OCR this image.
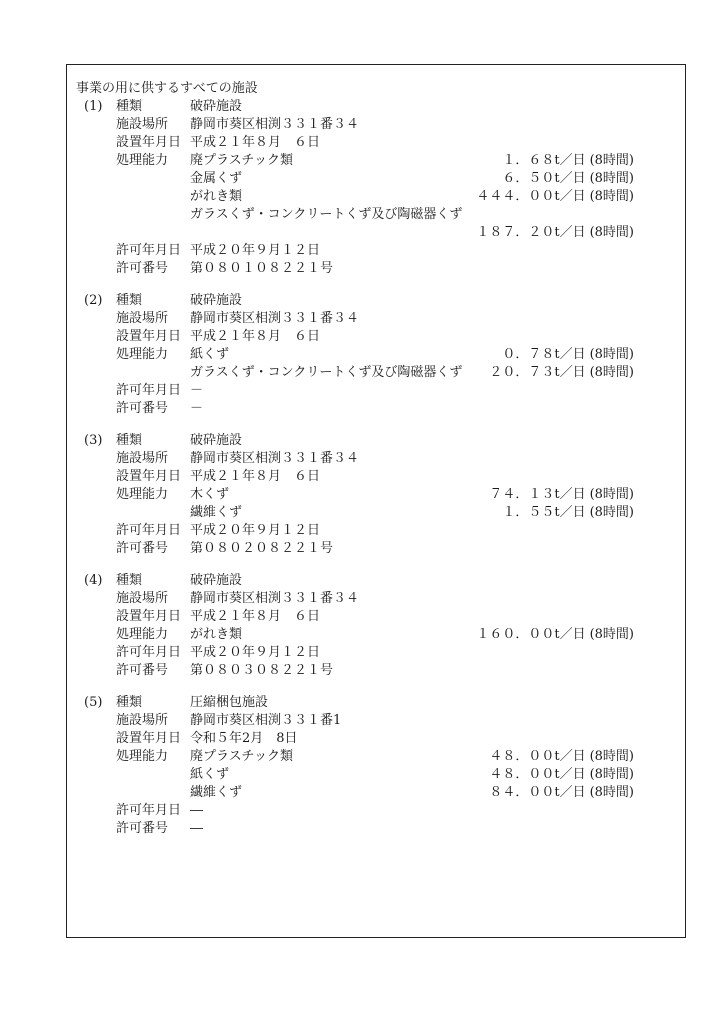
事業の用に供するすべての施設
(1) 種類	破砕施設
施設場所 静岡市葵区相渕３３１番３４
設置年月日 平成２１年８月　６日
処理能力 廃プラスチック類	１．６８t／日 (8時間)
金属くず	６．５０t／日 (8時間)
がれき類	４４４．００t／日 (8時間)
ガラスくず・コンクリートくず及び陶磁器くず
１８７．２０t／日 (8時間)
許可年月日 平成２０年９月１２日
許可番号 第０８０１０８２２１号
(2) 種類	破砕施設
施設場所 静岡市葵区相渕３３１番３４
設置年月日 平成２１年８月　６日
処理能力 紙くず	０．７８t／日 (8時間)
ガラスくず・コンクリートくず及び陶磁器くず ２０．７３t／日 (8時間)
許可年月日 －
許可番号 －
(3) 種類	破砕施設
施設場所 静岡市葵区相渕３３１番３４
設置年月日 平成２１年８月　６日
処理能力 木くず	７４．１３t／日 (8時間)
繊維くず	１．５５t／日 (8時間)
許可年月日 平成２０年９月１２日
許可番号 第０８０２０８２２１号
(4) 種類	破砕施設
施設場所 静岡市葵区相渕３３１番３４
設置年月日 平成２１年８月　６日
処理能力 がれき類	１６０．００t／日 (8時間)
許可年月日 平成２０年９月１２日
許可番号 第０８０３０８２２１号
(5) 種類	圧縮梱包施設
施設場所 静岡市葵区相渕３３１番1
設置年月日 令和５年2月　8日
処理能力 廃プラスチック類	４８．００t／日 (8時間)
紙くず	４８．００t／日 (8時間)
繊維くず	８４．００t／日 (8時間)
許可年月日 ―
許可番号 ―
